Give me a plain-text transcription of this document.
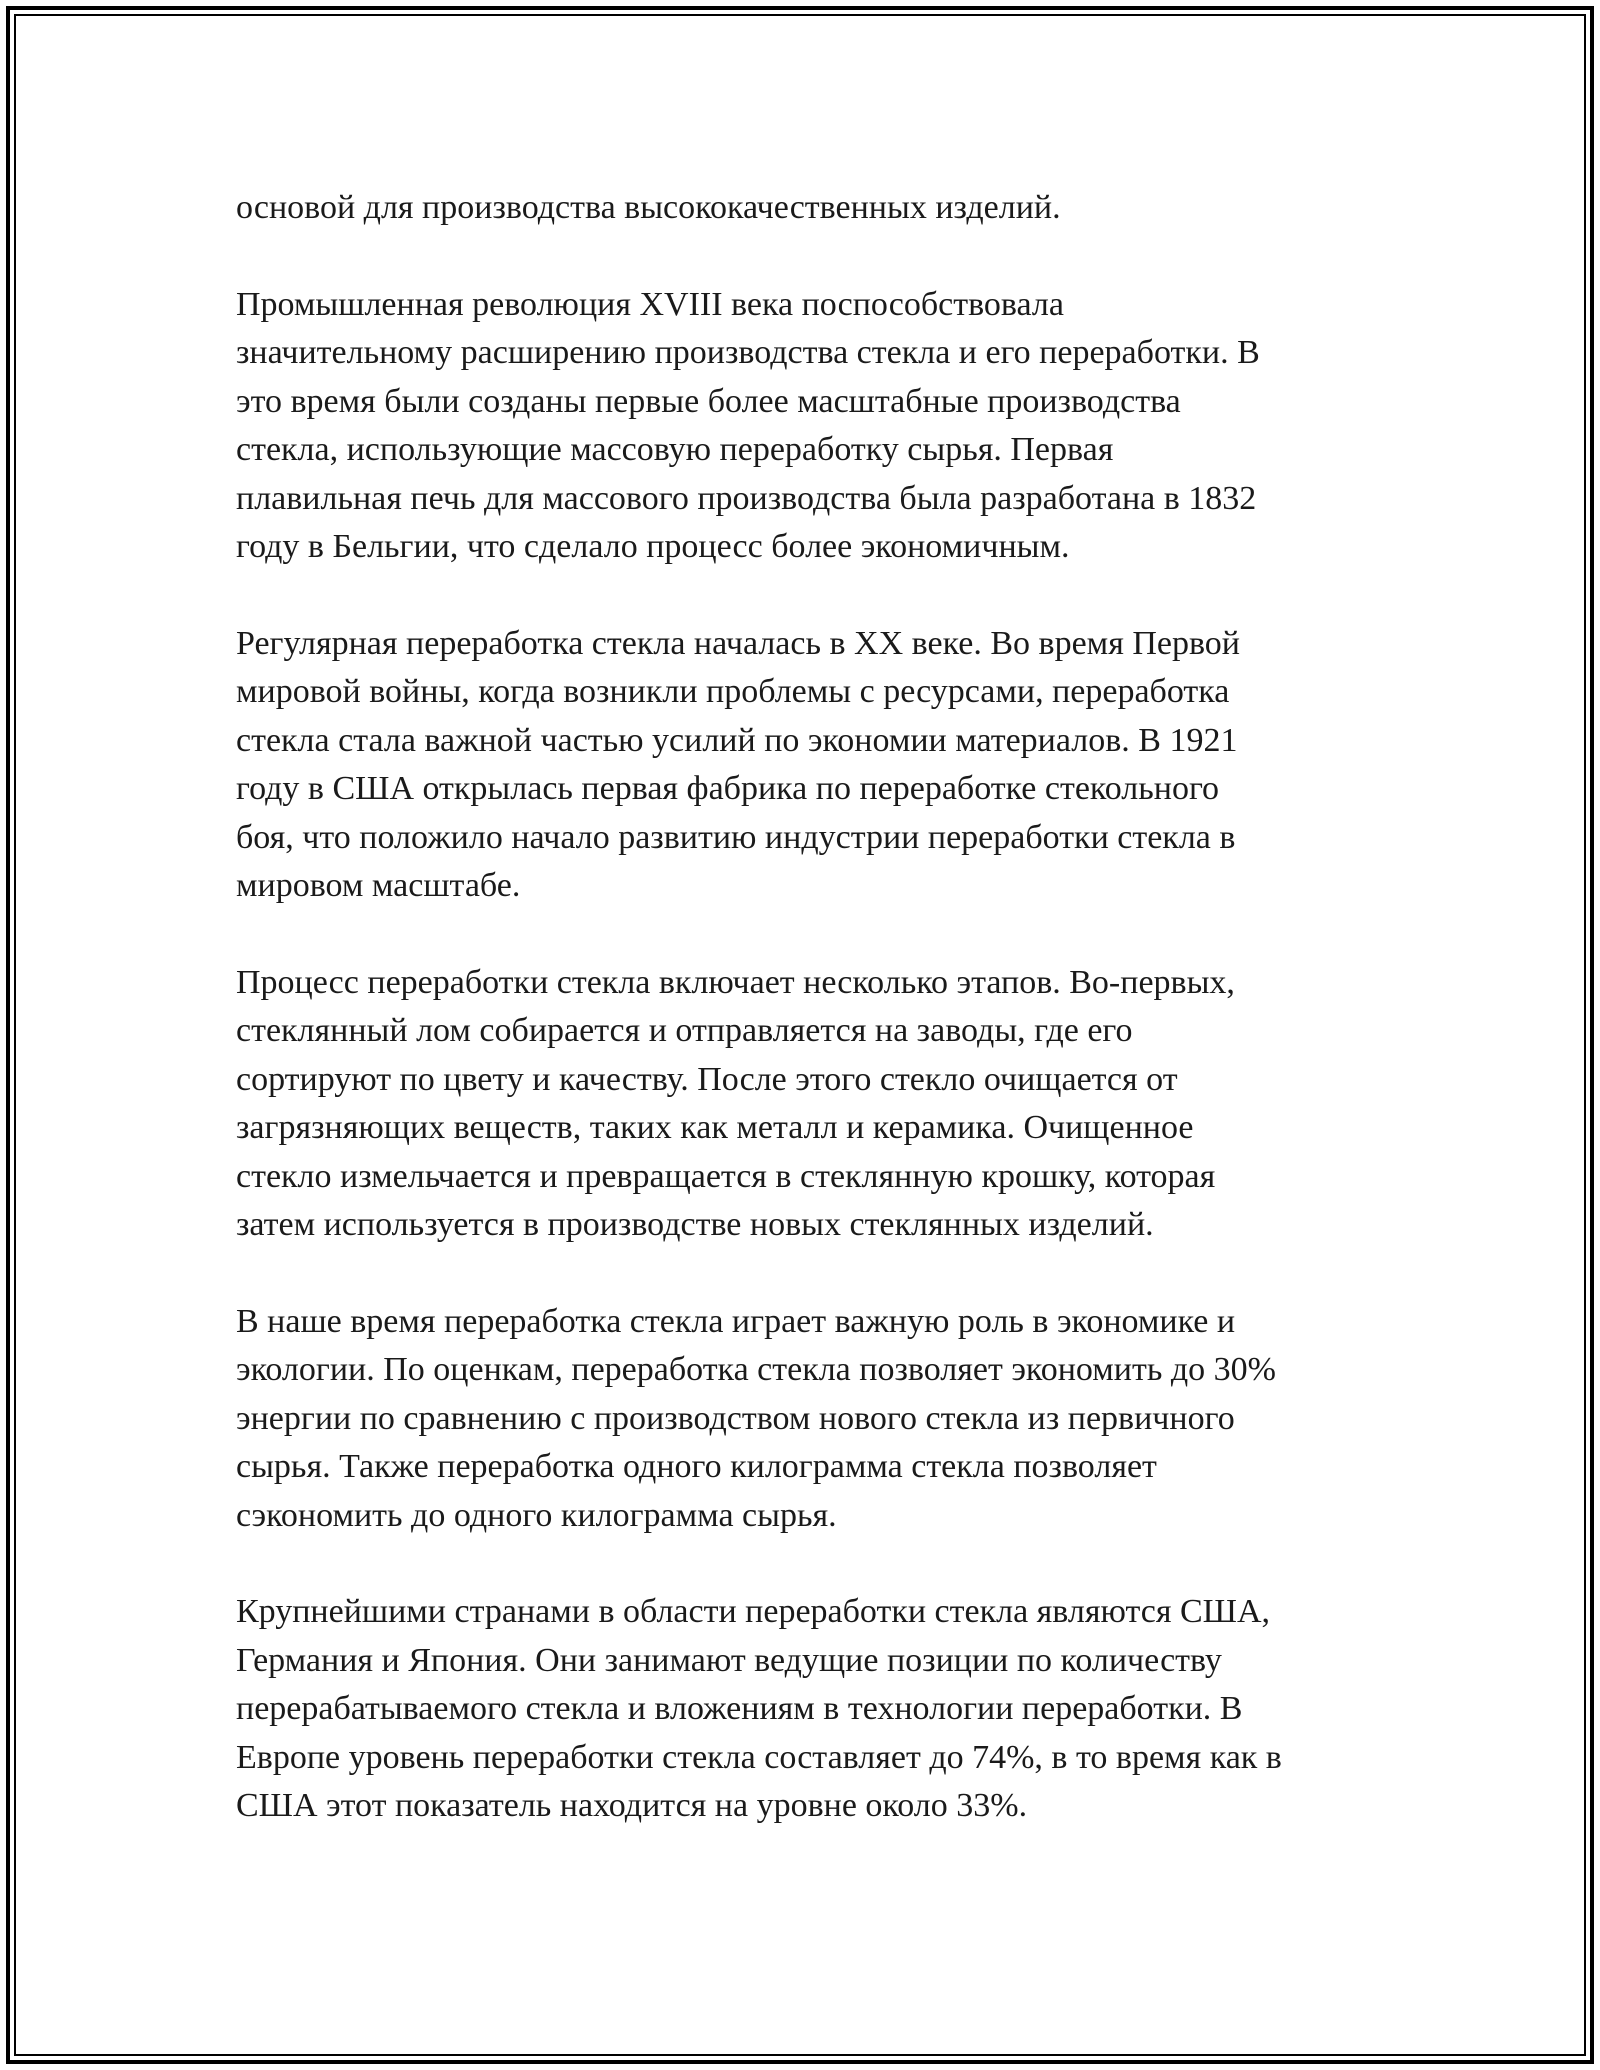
основой для производства высококачественных изделий.

Промышленная революция XVIII века поспособствовала
значительному расширению производства стекла и его переработки. В
это время были созданы первые более масштабные производства
стекла, использующие массовую переработку сырья. Первая
плавильная печь для массового производства была разработана в 1832
году в Бельгии, что сделало процесс более экономичным.

Регулярная переработка стекла началась в XX веке. Во время Первой
мировой войны, когда возникли проблемы с ресурсами, переработка
стекла стала важной частью усилий по экономии материалов. В 1921
году в США открылась первая фабрика по переработке стекольного
боя, что положило начало развитию индустрии переработки стекла в
мировом масштабе.

Процесс переработки стекла включает несколько этапов. Во-первых,
стеклянный лом собирается и отправляется на заводы, где его
сортируют по цвету и качеству. После этого стекло очищается от
загрязняющих веществ, таких как металл и керамика. Очищенное
стекло измельчается и превращается в стеклянную крошку, которая
затем используется в производстве новых стеклянных изделий.

В наше время переработка стекла играет важную роль в экономике и
экологии. По оценкам, переработка стекла позволяет экономить до 30%
энергии по сравнению с производством нового стекла из первичного
сырья. Также переработка одного килограмма стекла позволяет
сэкономить до одного килограмма сырья.

Крупнейшими странами в области переработки стекла являются США,
Германия и Япония. Они занимают ведущие позиции по количеству
перерабатываемого стекла и вложениям в технологии переработки. В
Европе уровень переработки стекла составляет до 74%, в то время как в
США этот показатель находится на уровне около 33%.
